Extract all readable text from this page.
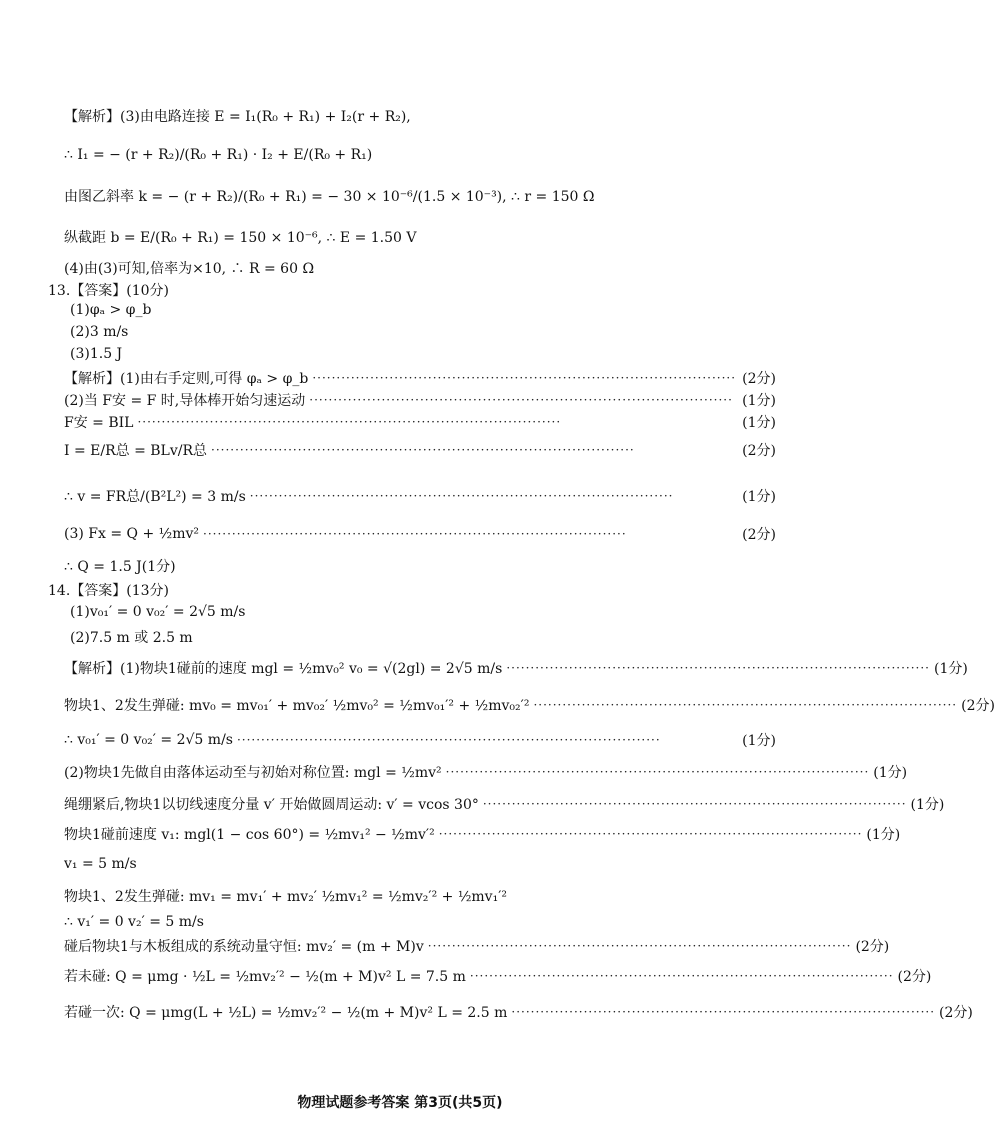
【解析】(3)由电路连接 E = I₁(R₀ + R₁) + I₂(r + R₂),
∴ I₁ = − (r + R₂)/(R₀ + R₁) · I₂ + E/(R₀ + R₁)
由图乙斜率 k = − (r + R₂)/(R₀ + R₁) = − 30 × 10⁻⁶/(1.5 × 10⁻³), ∴ r = 150 Ω
纵截距 b = E/(R₀ + R₁) = 150 × 10⁻⁶, ∴ E = 1.50 V
(4)由(3)可知,倍率为×10, ∴ R = 60 Ω
13.【答案】(10分)
(1)φₐ > φ_b
(2)3 m/s
(3)1.5 J
【解析】(1)由右手定则,可得 φₐ > φ_b ························································································ (2分)
(2)当 F安 = F 时,导体棒开始匀速运动 ························································································ (1分)
F安 = BIL ························································································	(1分)
I = E/R总 = BLv/R总 ························································································	(2分)
∴ v = FR总/(B²L²) = 3 m/s ························································································	(1分)
(3) Fx = Q + ½mv² ························································································	(2分)
∴ Q = 1.5 J(1分)
14.【答案】(13分)
(1)v₀₁′ = 0 v₀₂′ = 2√5 m/s
(2)7.5 m 或 2.5 m
【解析】(1)物块1碰前的速度 mgl = ½mv₀² v₀ = √(2gl) = 2√5 m/s ························································································ (1分)
物块1、2发生弹碰: mv₀ = mv₀₁′ + mv₀₂′ ½mv₀² = ½mv₀₁′² + ½mv₀₂′² ························································································ (2分)
∴ v₀₁′ = 0 v₀₂′ = 2√5 m/s ························································································	(1分)
(2)物块1先做自由落体运动至与初始对称位置: mgl = ½mv² ························································································ (1分)
绳绷紧后,物块1以切线速度分量 v′ 开始做圆周运动: v′ = vcos 30° ························································································ (1分)
物块1碰前速度 v₁: mgl(1 − cos 60°) = ½mv₁² − ½mv′² ························································································ (1分)
v₁ = 5 m/s
物块1、2发生弹碰: mv₁ = mv₁′ + mv₂′ ½mv₁² = ½mv₂′² + ½mv₁′²
∴ v₁′ = 0 v₂′ = 5 m/s
碰后物块1与木板组成的系统动量守恒: mv₂′ = (m + M)v ························································································ (2分)
若未碰: Q = μmg · ½L = ½mv₂′² − ½(m + M)v² L = 7.5 m ························································································ (2分)
若碰一次: Q = μmg(L + ½L) = ½mv₂′² − ½(m + M)v² L = 2.5 m ························································································ (2分)
物理试题参考答案 第3页(共5页)
